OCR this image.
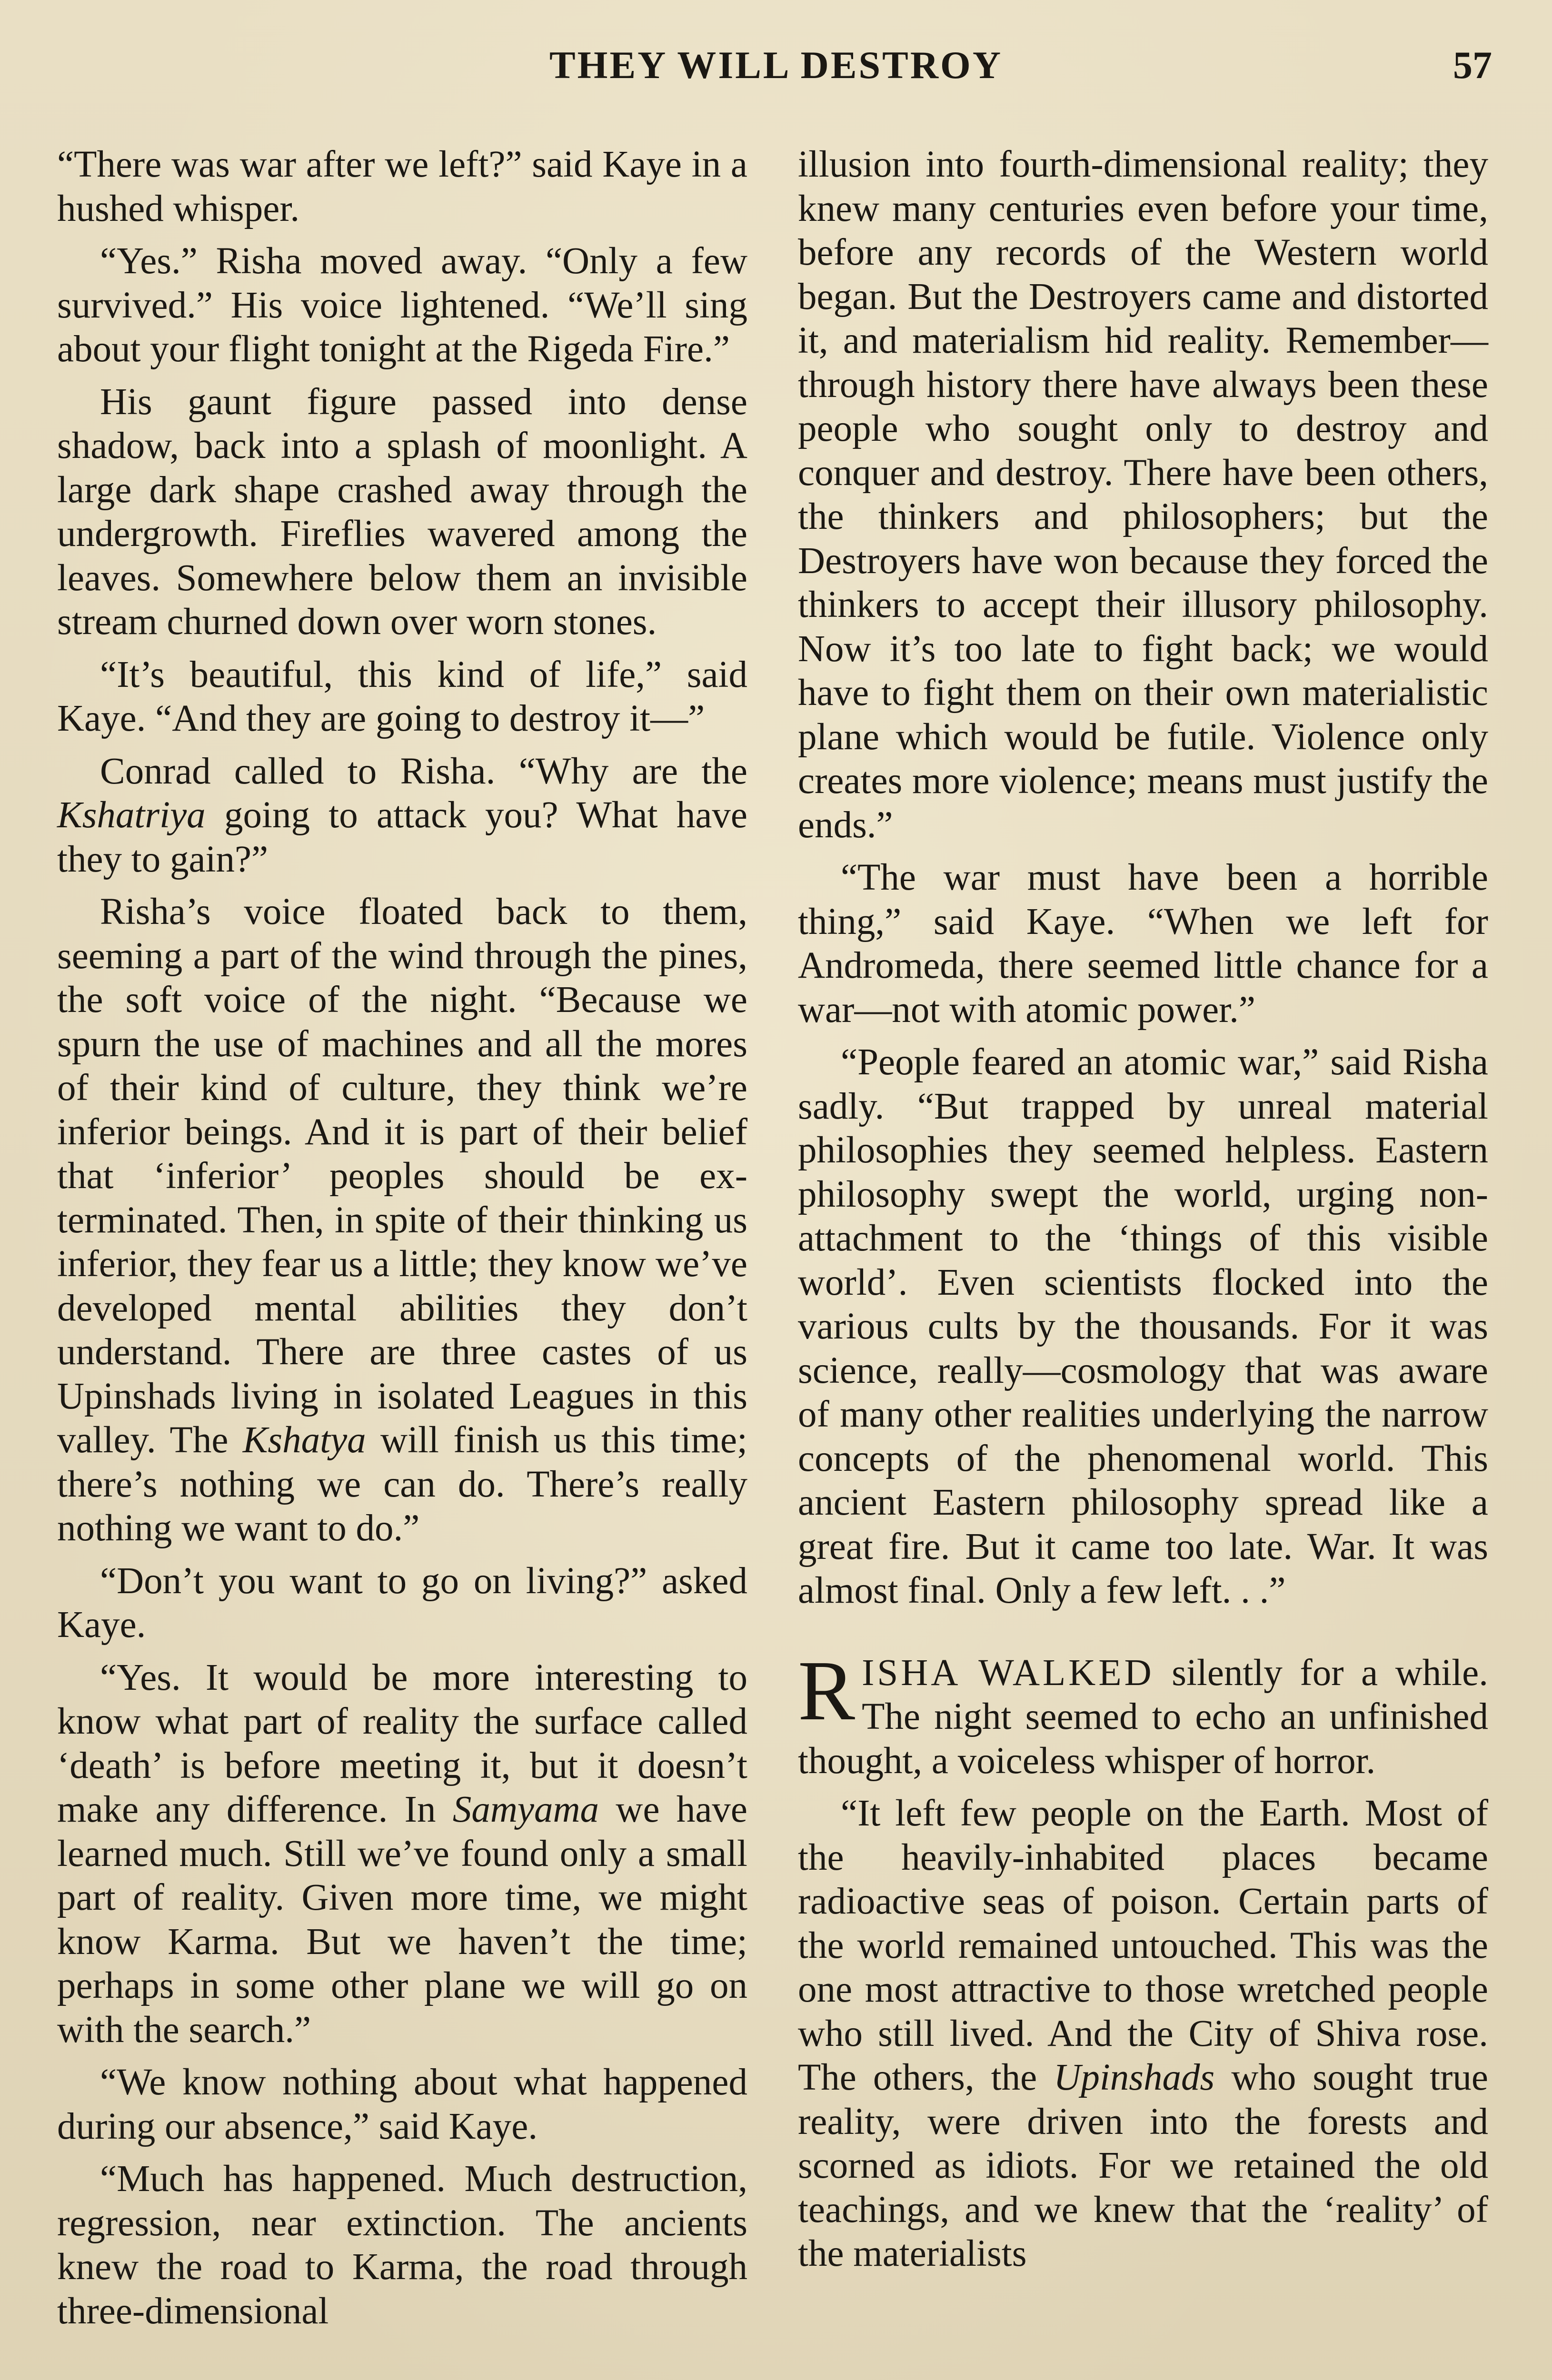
THEY WILL DESTROY	57

“There was war after we left?” said Kaye in a hushed whisper.

“Yes.” Risha moved away. “Only a few survived.” His voice lightened. “We’ll sing about your flight tonight at the Rigeda Fire.”

His gaunt figure passed into dense shadow, back into a splash of moonlight. A large dark shape crashed away through the undergrowth. Fireflies wavered among the leaves. Somewhere below them an invisible stream churned down over worn stones.

“It’s beautiful, this kind of life,” said Kaye. “And they are going to destroy it—”

Conrad called to Risha. “Why are the Kshatriya going to attack you? What have they to gain?”

Risha’s voice floated back to them, seeming a part of the wind through the pines, the soft voice of the night. “Because we spurn the use of machines and all the mores of their kind of culture, they think we’re inferior beings. And it is part of their belief that ‘inferior’ peoples should be exterminated. Then, in spite of their thinking us inferior, they fear us a little; they know we’ve developed mental abilities they don’t understand. There are three castes of us Upinshads living in isolated Leagues in this valley. The Kshatya will finish us this time; there’s nothing we can do. There’s really nothing we want to do.”

“Don’t you want to go on living?” asked Kaye.

“Yes. It would be more interesting to know what part of reality the surface called ‘death’ is before meeting it, but it doesn’t make any difference. In Samyama we have learned much. Still we’ve found only a small part of reality. Given more time, we might know Karma. But we haven’t the time; perhaps in some other plane we will go on with the search.”

“We know nothing about what happened during our absence,” said Kaye.

“Much has happened. Much destruction, regression, near extinction. The ancients knew the road to Karma, the road through three-dimensional

illusion into fourth-dimensional reality; they knew many centuries even before your time, before any records of the Western world began. But the Destroyers came and distorted it, and materialism hid reality. Remember—through history there have always been these people who sought only to destroy and conquer and destroy. There have been others, the thinkers and philosophers; but the Destroyers have won because they forced the thinkers to accept their illusory philosophy. Now it’s too late to fight back; we would have to fight them on their own materialistic plane which would be futile. Violence only creates more violence; means must justify the ends.”

“The war must have been a horrible thing,” said Kaye. “When we left for Andromeda, there seemed little chance for a war—not with atomic power.”

“People feared an atomic war,” said Risha sadly. “But trapped by unreal material philosophies they seemed helpless. Eastern philosophy swept the world, urging non-attachment to the ‘things of this visible world’. Even scientists flocked into the various cults by the thousands. For it was science, really—cosmology that was aware of many other realities underlying the narrow concepts of the phenomenal world. This ancient Eastern philosophy spread like a great fire. But it came too late. War. It was almost final. Only a few left. . .”

RISHA WALKED silently for a while. The night seemed to echo an unfinished thought, a voiceless whisper of horror.

“It left few people on the Earth. Most of the heavily-inhabited places became radioactive seas of poison. Certain parts of the world remained untouched. This was the one most attractive to those wretched people who still lived. And the City of Shiva rose. The others, the Upinshads who sought true reality, were driven into the forests and scorned as idiots. For we retained the old teachings, and we knew that the ‘reality’ of the materialists
